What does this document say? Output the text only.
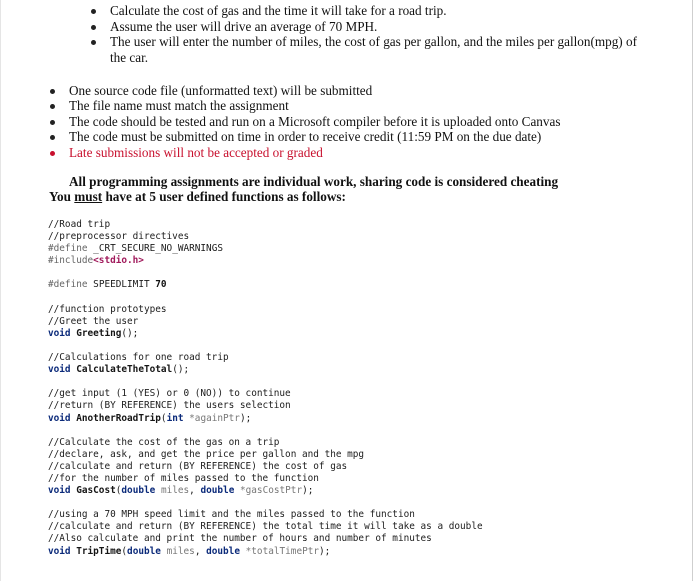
Calculate the cost of gas and the time it will take for a road trip.
Assume the user will drive an average of 70 MPH.
The user will enter the number of miles, the cost of gas per gallon, and the miles per gallon(mpg) of the car.
One source code file (unformatted text) will be submitted
The file name must match the assignment
The code should be tested and run on a Microsoft compiler before it is uploaded onto Canvas
The code must be submitted on time in order to receive credit (11:59 PM on the due date)
Late submissions will not be accepted or graded
All programming assignments are individual work, sharing code is considered cheating
You must have at 5 user defined functions as follows:
//Road trip
//preprocessor directives
#define _CRT_SECURE_NO_WARNINGS
#include<stdio.h>

#define SPEEDLIMIT 70

//function prototypes
//Greet the user
void Greeting();

//Calculations for one road trip
void CalculateTheTotal();

//get input (1 (YES) or 0 (NO)) to continue
//return (BY REFERENCE) the users selection
void AnotherRoadTrip(int *againPtr);

//Calculate the cost of the gas on a trip
//declare, ask, and get the price per gallon and the mpg
//calculate and return (BY REFERENCE) the cost of gas
//for the number of miles passed to the function
void GasCost(double miles, double *gasCostPtr);

//using a 70 MPH speed limit and the miles passed to the function
//calculate and return (BY REFERENCE) the total time it will take as a double
//Also calculate and print the number of hours and number of minutes
void TripTime(double miles, double *totalTimePtr);
